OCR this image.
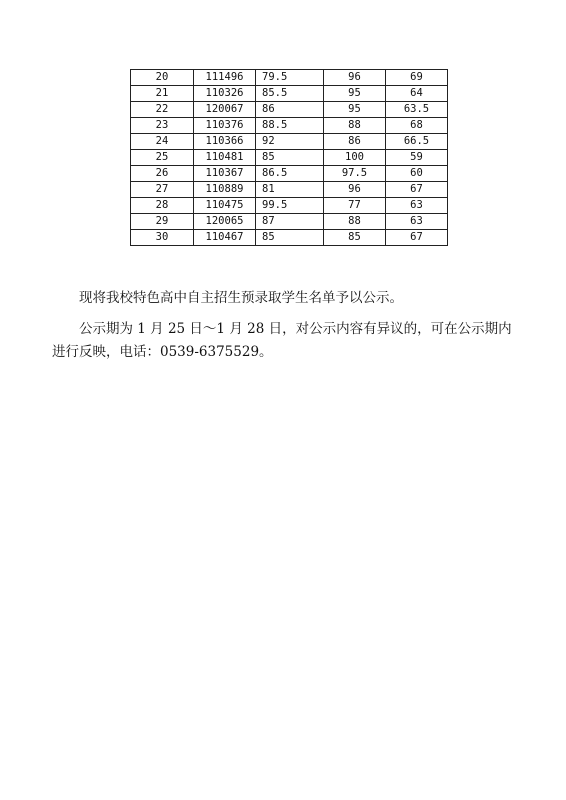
20	111496	79.5	96	69
21	110326	85.5	95	64
22	120067	86	95	63.5
23	110376	88.5	88	68
24	110366	92	86	66.5
25	110481	85	100	59
26	110367	86.5	97.5	60
27	110889	81	96	67
28	110475	99.5	77	63
29	120065	87	88	63
30	110467	85	85	67

现将我校特色高中自主招生预录取学生名单予以公示。

公示期为 1 月 25 日～1 月 28 日，对公示内容有异议的，可在公示期内进行反映，电话：0539-6375529。
